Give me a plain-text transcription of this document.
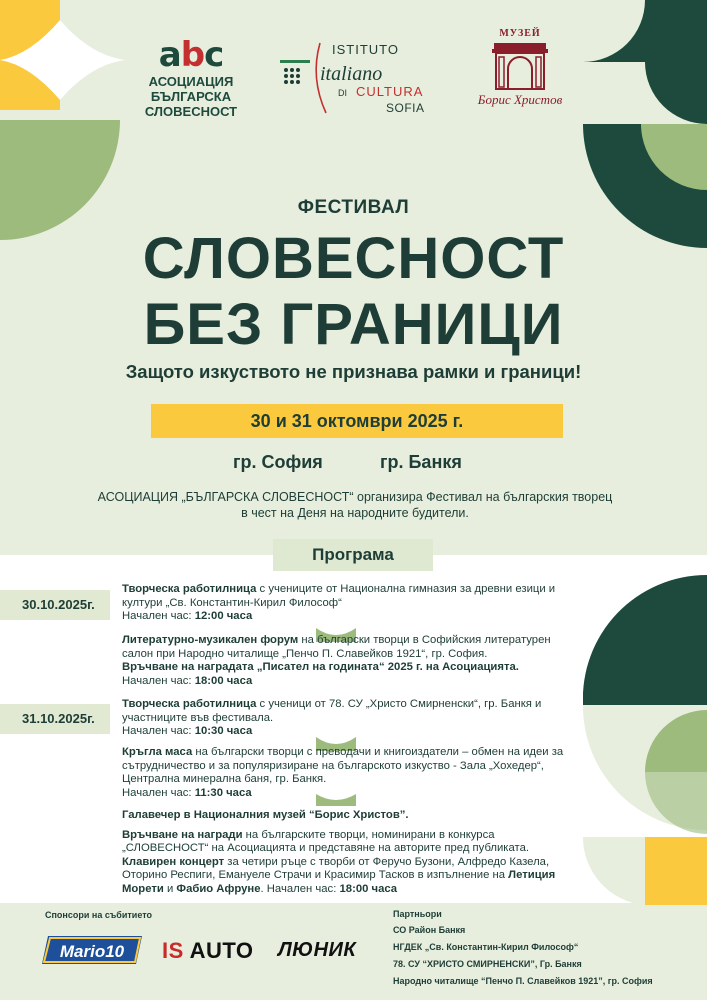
abc
АСОЦИАЦИЯ
БЪЛГАРСКА
СЛОВЕСНОСТ
ISTITUTO
italiano
DI CULTURA
SOFIA
МУЗЕЙ
Борис Христов
ФЕСТИВАЛ
СЛОВЕСНОСТ
БЕЗ ГРАНИЦИ
Защото изкуството не признава рамки и граници!
30 и 31 октомври 2025 г.
гр. София	гр. Банкя
АСОЦИАЦИЯ „БЪЛГАРСКА СЛОВЕСНОСТ“ организира Фестивал на българския творец
в чест на Деня на народните будители.
Програма
30.10.2025г.
31.10.2025г.
Творческа работилница с учениците от Национална гимназия за древни езици и култури „Св. Константин-Кирил Философ“
Начален час: 12:00 часа
Литературно-музикален форум на български творци в Софийския литературен салон при Народно читалище „Пенчо П. Славейков 1921“, гр. София.
Връчване на наградата „Писател на годината“ 2025 г. на Асоциацията.
Начален час: 18:00 часа
Творческа работилница с ученици от 78. СУ „Христо Смирненски“, гр. Банкя и участниците във фестивала.
Начален час: 10:30 часа
Кръгла маса на български творци с преводачи и книгоиздатели – обмен на идеи за сътрудничество и за популяризиране на българското изкуство - Зала „Хохедер“, Централна минерална баня, гр. Банкя.
Начален час: 11:30 часа
Галавечер в Националния музей “Борис Христов”.
Връчване на награди на българските творци, номинирани в конкурса „СЛОВЕСНОСТ“ на Асоциацията и представяне на авторите пред публиката.
Клавирен концерт за четири ръце с творби от Феручо Бузони, Алфредо Казела, Оторино Респиги, Емануеле Страчи и Красимир Тасков в изпълнение на Летиция Морети и Фабио Афруне. Начален час: 18:00 часа
Спонсори на събитието
Mario10 IS AUTO ЛЮНИК
Партньори
СО Район Банкя
НГДЕК „Св. Константин-Кирил Философ“
78. СУ “ХРИСТО СМИРНЕНСКИ”, Гр. Банкя
Народно читалище “Пенчо П. Славейков 1921”, гр. София
